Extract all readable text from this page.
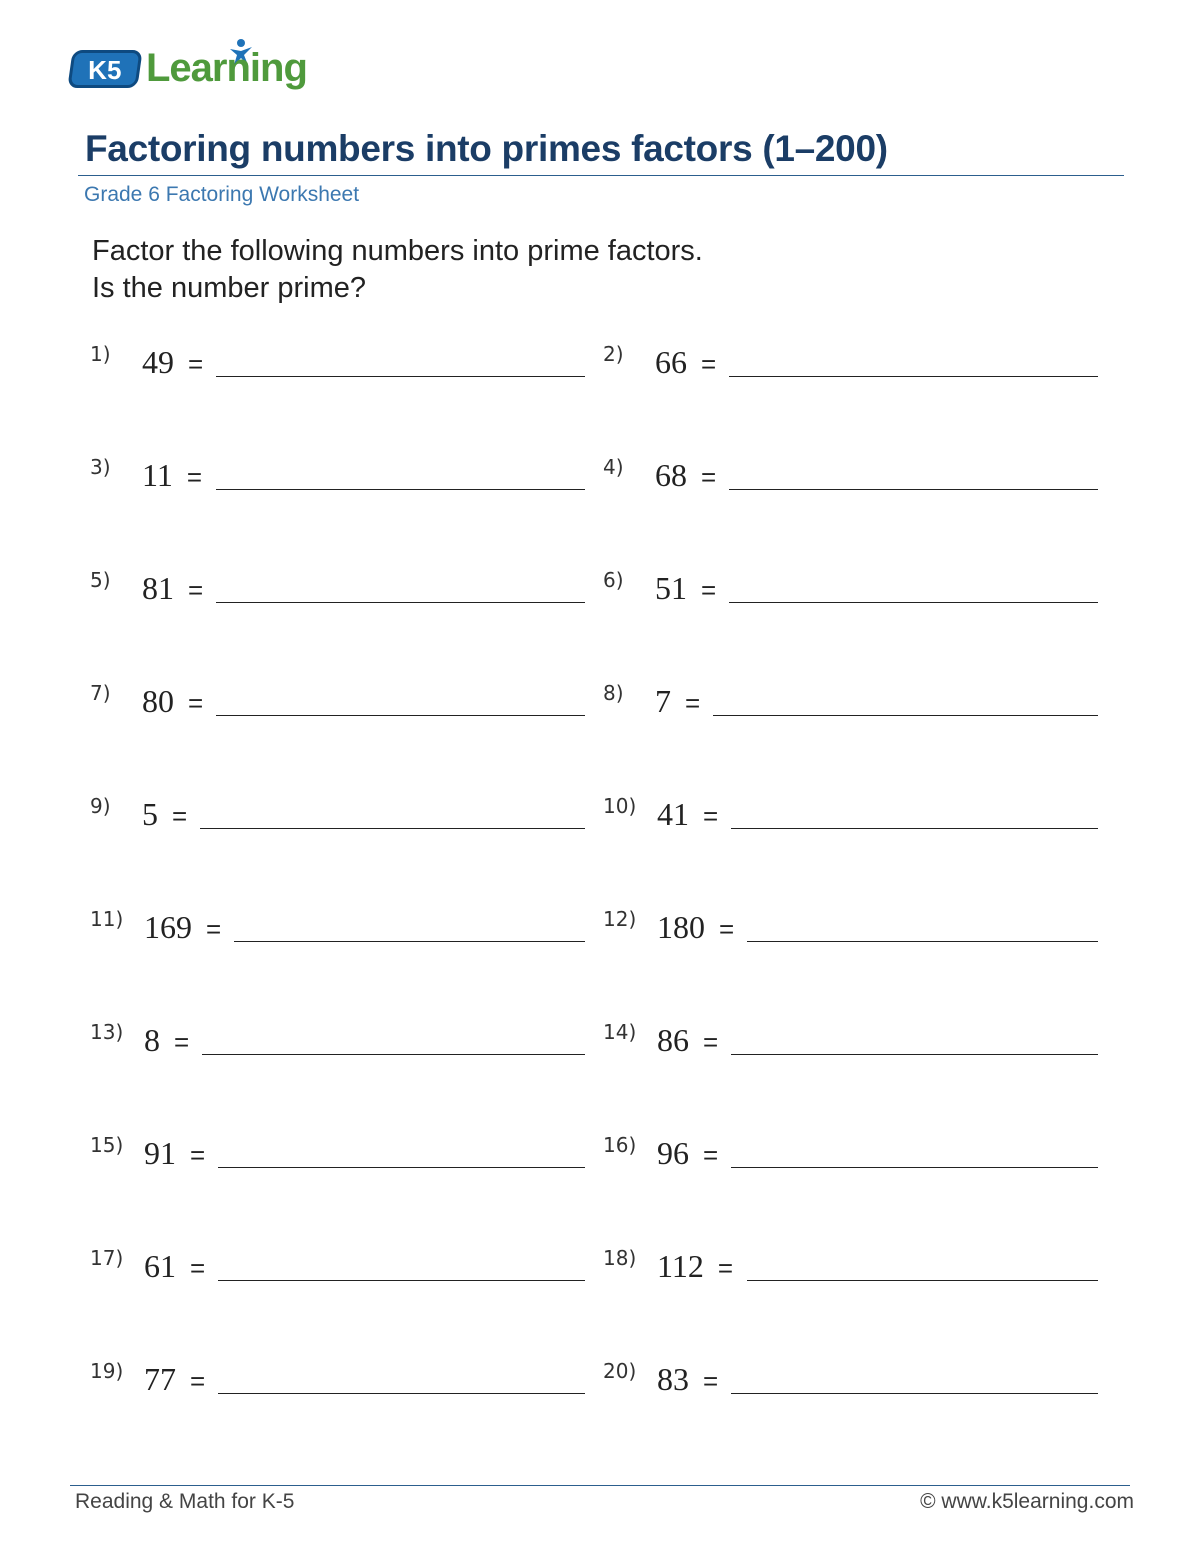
K5 Learning
Factoring numbers into primes factors (1–200)
Grade 6 Factoring Worksheet
Factor the following numbers into prime factors.
Is the number prime?
1) 49 =	2) 66 =
3) 11 =	4) 68 =
5) 81 =	6) 51 =
7) 80 =	8) 7 =
9) 5 =	10) 41 =
11) 169 =	12) 180 =
13) 8 =	14) 86 =
15) 91 =	16) 96 =
17) 61 =	18) 112 =
19) 77 =	20) 83 =
Reading & Math for K-5	© www.k5learning.com
